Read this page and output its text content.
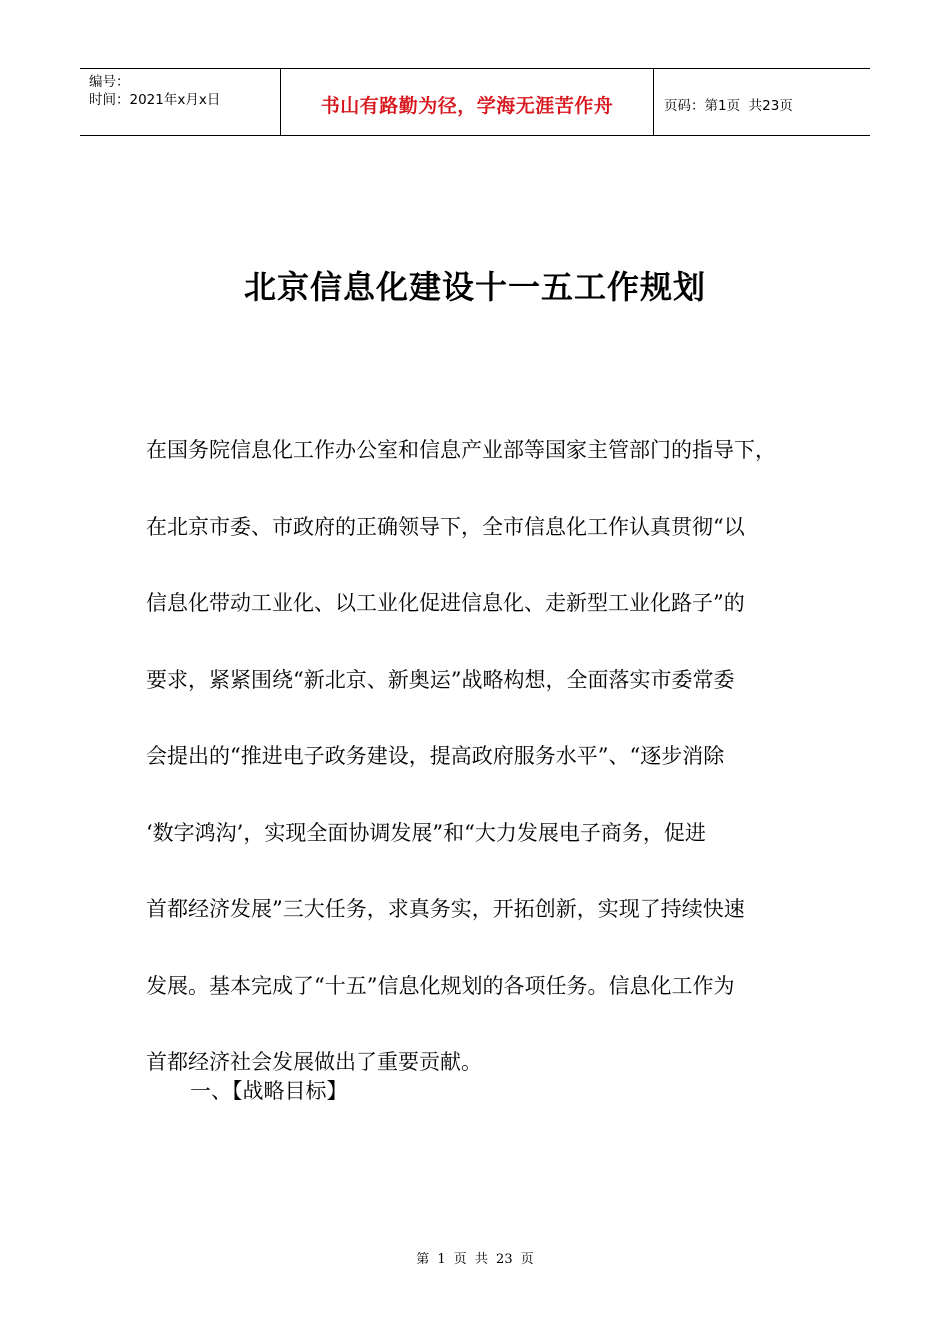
编号：
时间：2021年x月x日	书山有路勤为径，学海无涯苦作舟	页码：第1页  共23页
北京信息化建设十一五工作规划
在国务院信息化工作办公室和信息产业部等国家主管部门的指导下，
在北京市委、市政府的正确领导下，全市信息化工作认真贯彻“以
信息化带动工业化、以工业化促进信息化、走新型工业化路子”的
要求，紧紧围绕“新北京、新奥运”战略构想，全面落实市委常委
会提出的“推进电子政务建设，提高政府服务水平”、“逐步消除
‘数字鸿沟’，实现全面协调发展”和“大力发展电子商务，促进
首都经济发展”三大任务，求真务实，开拓创新，实现了持续快速
发展。基本完成了“十五”信息化规划的各项任务。信息化工作为
首都经济社会发展做出了重要贡献。
一、【战略目标】
第 1 页 共 23 页
